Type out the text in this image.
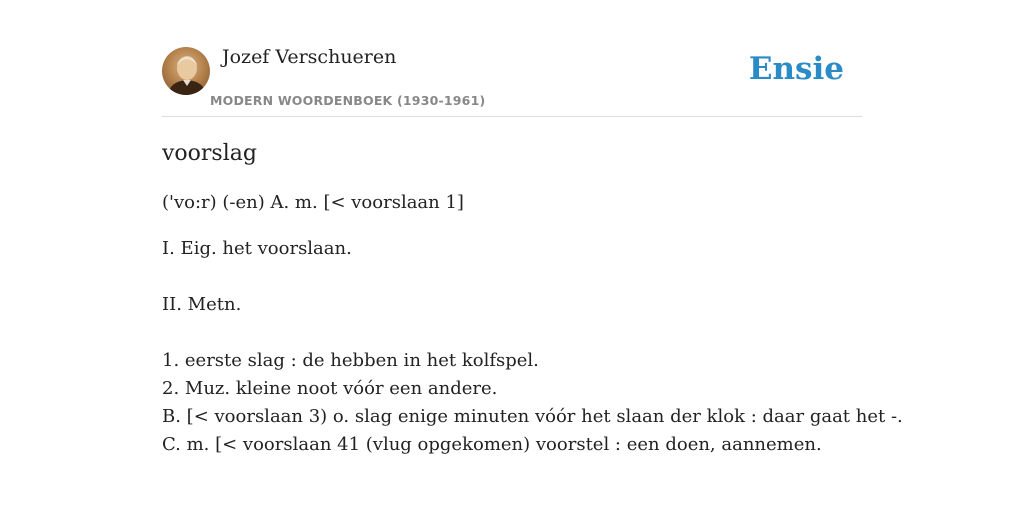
Jozef Verschueren
MODERN WOORDENBOEK (1930-1961)
Ensie
voorslag
('vo:r) (-en) A. m. [< voorslaan 1]
I. Eig. het voorslaan.
II. Metn.
1. eerste slag : de hebben in het kolfspel.
2. Muz. kleine noot vóór een andere.
B. [< voorslaan 3) o. slag enige minuten vóór het slaan der klok : daar gaat het -.
C. m. [< voorslaan 41 (vlug opgekomen) voorstel : een doen, aannemen.
